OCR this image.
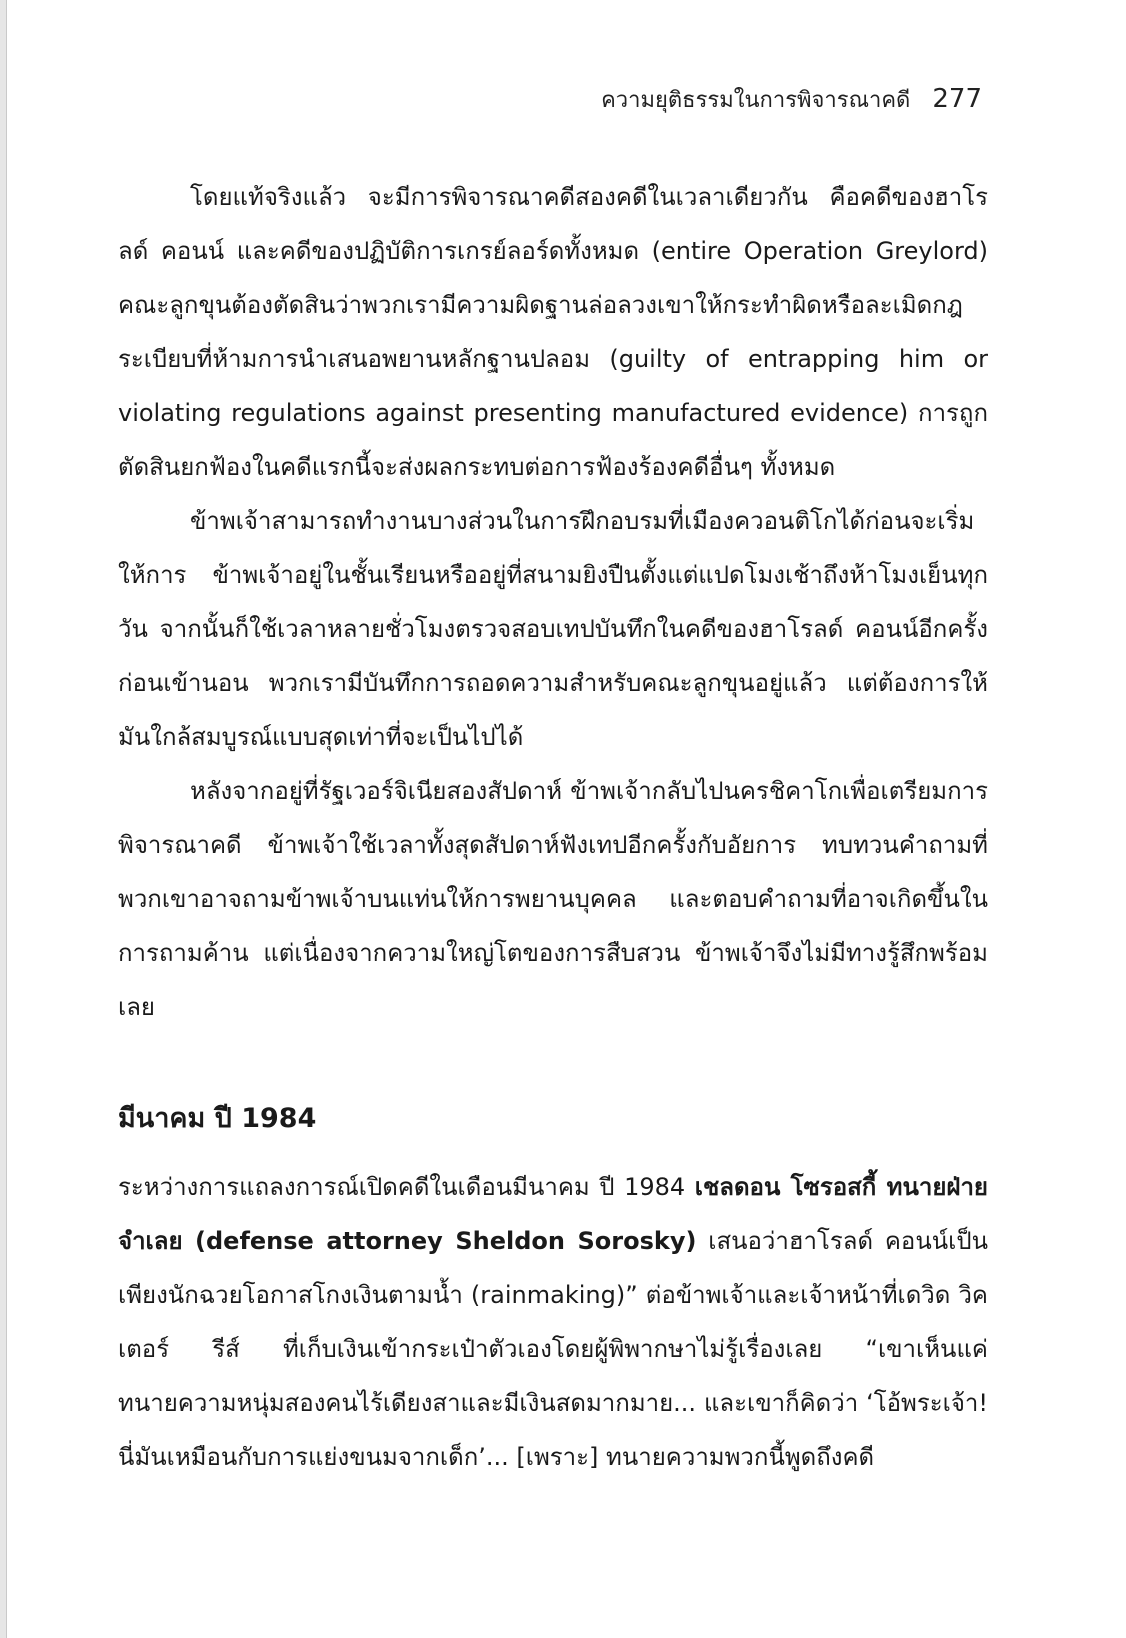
ความยุติธรรมในการพิจารณาคดี 277

โดยแท้จริงแล้ว จะมีการพิจารณาคดีสองคดีในเวลาเดียวกัน คือคดีของฮาโรลด์ คอนน์ และคดีของปฏิบัติการเกรย์ลอร์ดทั้งหมด (entire Operation Greylord) คณะลูกขุนต้องตัดสินว่าพวกเรามีความผิดฐานล่อลวงเขาให้กระทำผิดหรือละเมิดกฎระเบียบที่ห้ามการนำเสนอพยานหลักฐานปลอม (guilty of entrapping him or violating regulations against presenting manufactured evidence) การถูกตัดสินยกฟ้องในคดีแรกนี้จะส่งผลกระทบต่อการฟ้องร้องคดีอื่นๆ ทั้งหมด

ข้าพเจ้าสามารถทำงานบางส่วนในการฝึกอบรมที่เมืองควอนติโกได้ก่อนจะเริ่มให้การ ข้าพเจ้าอยู่ในชั้นเรียนหรืออยู่ที่สนามยิงปืนตั้งแต่แปดโมงเช้าถึงห้าโมงเย็นทุกวัน จากนั้นก็ใช้เวลาหลายชั่วโมงตรวจสอบเทปบันทึกในคดีของฮาโรลด์ คอนน์อีกครั้งก่อนเข้านอน พวกเรามีบันทึกการถอดความสำหรับคณะลูกขุนอยู่แล้ว แต่ต้องการให้มันใกล้สมบูรณ์แบบสุดเท่าที่จะเป็นไปได้

หลังจากอยู่ที่รัฐเวอร์จิเนียสองสัปดาห์ ข้าพเจ้ากลับไปนครชิคาโกเพื่อเตรียมการพิจารณาคดี ข้าพเจ้าใช้เวลาทั้งสุดสัปดาห์ฟังเทปอีกครั้งกับอัยการ ทบทวนคำถามที่พวกเขาอาจถามข้าพเจ้าบนแท่นให้การพยานบุคคล และตอบคำถามที่อาจเกิดขึ้นในการถามค้าน แต่เนื่องจากความใหญ่โตของการสืบสวน ข้าพเจ้าจึงไม่มีทางรู้สึกพร้อมเลย

มีนาคม ปี 1984

ระหว่างการแถลงการณ์เปิดคดีในเดือนมีนาคม ปี 1984 เชลดอน โซรอสกี้ ทนายฝ่ายจำเลย (defense attorney Sheldon Sorosky) เสนอว่าฮาโรลด์ คอนน์เป็นเพียงนักฉวยโอกาสโกงเงินตามน้ำ (rainmaking)” ต่อข้าพเจ้าและเจ้าหน้าที่เดวิด วิคเตอร์ รีส์ ที่เก็บเงินเข้ากระเป๋าตัวเองโดยผู้พิพากษาไม่รู้เรื่องเลย “เขาเห็นแค่ทนายความหนุ่มสองคนไร้เดียงสาและมีเงินสดมากมาย... และเขาก็คิดว่า ‘โอ้พระเจ้า! นี่มันเหมือนกับการแย่งขนมจากเด็ก’... [เพราะ] ทนายความพวกนี้พูดถึงคดี
